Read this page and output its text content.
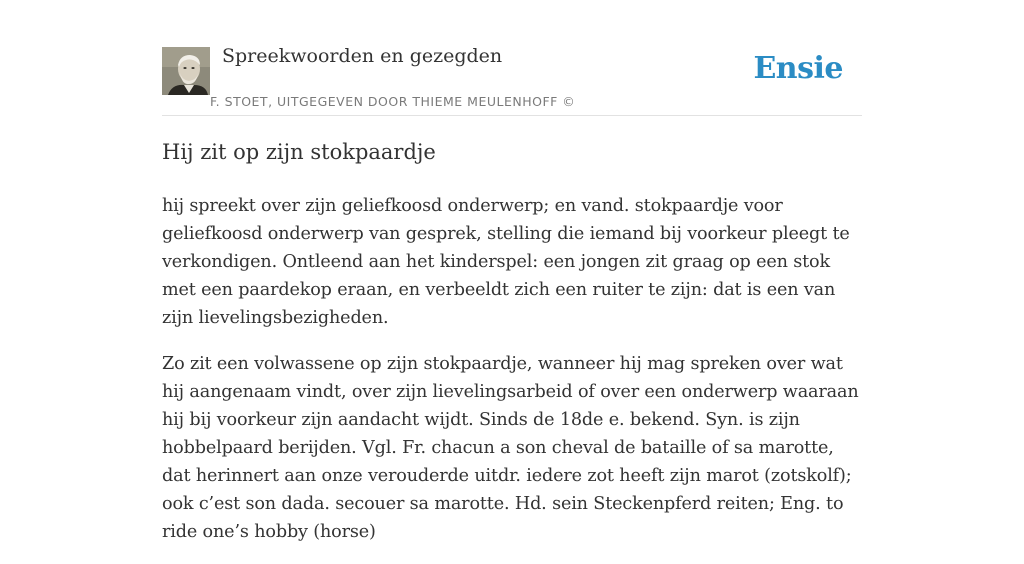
Spreekwoorden en gezegden
F. STOET, UITGEGEVEN DOOR THIEME MEULENHOFF ©
Ensie
Hij zit op zijn stokpaardje

hij spreekt over zijn geliefkoosd onderwerp; en vand. stokpaardje voor geliefkoosd onderwerp van gesprek, stelling die iemand bij voorkeur pleegt te verkondigen. Ontleend aan het kinderspel: een jongen zit graag op een stok met een paardekop eraan, en verbeeldt zich een ruiter te zijn: dat is een van zijn lievelingsbezigheden.

Zo zit een volwassene op zijn stokpaardje, wanneer hij mag spreken over wat hij aangenaam vindt, over zijn lievelingsarbeid of over een onderwerp waaraan hij bij voorkeur zijn aandacht wijdt. Sinds de 18de e. bekend. Syn. is zijn hobbelpaard berijden. Vgl. Fr. chacun a son cheval de bataille of sa marotte, dat herinnert aan onze verouderde uitdr. iedere zot heeft zijn marot (zotskolf); ook c’est son dada. secouer sa marotte. Hd. sein Steckenpferd reiten; Eng. to ride one’s hobby (horse)
